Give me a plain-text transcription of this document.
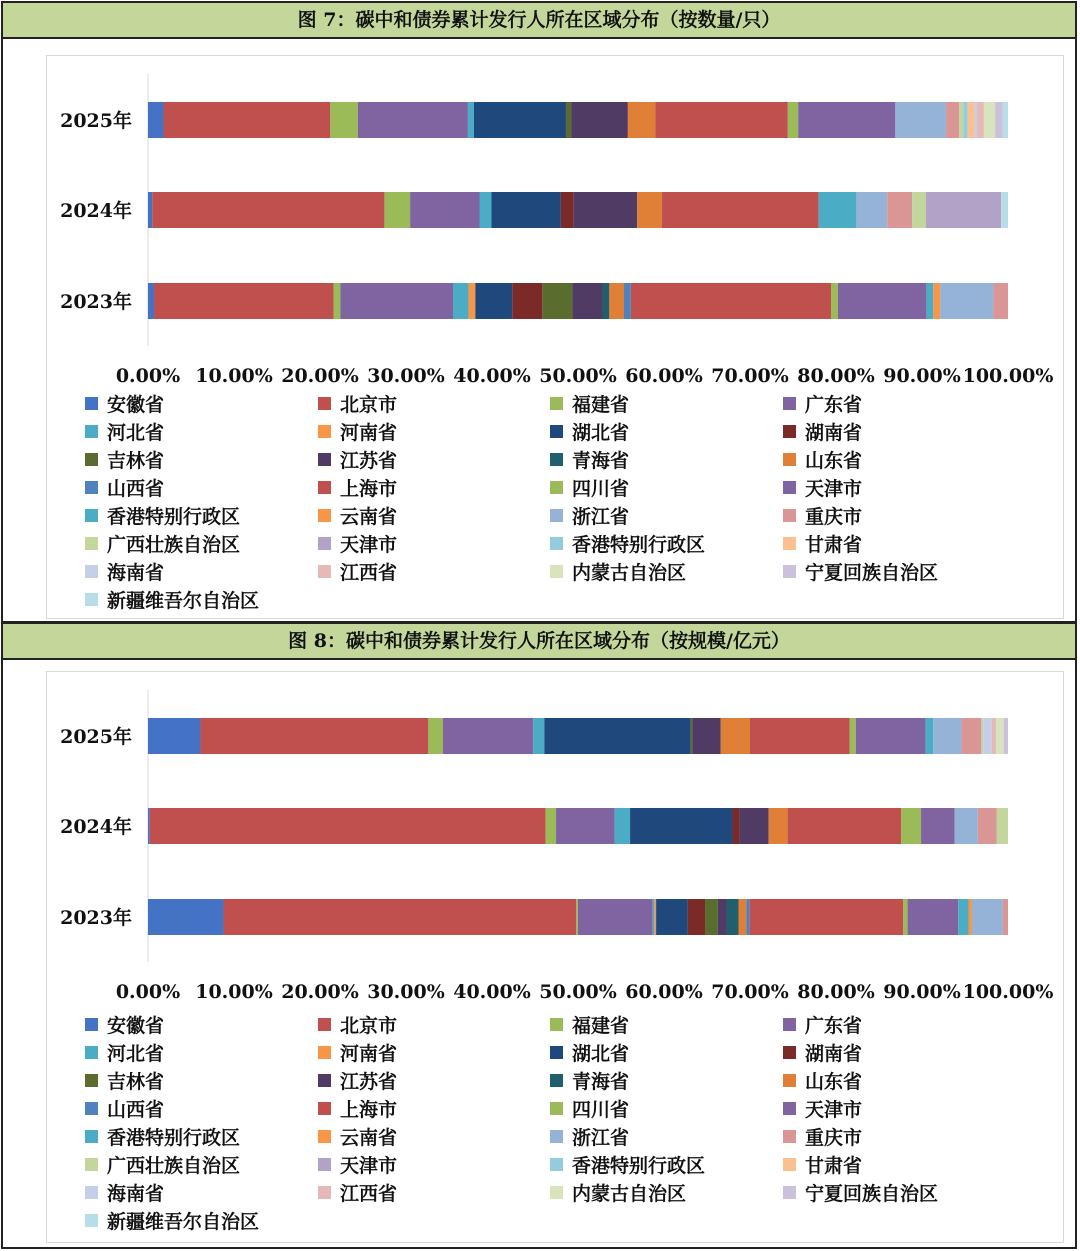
图 7：碳中和债券累计发行人所在区域分布（按数量/只）
2025年
2024年
2023年
0.00% 10.00% 20.00% 30.00% 40.00% 50.00% 60.00% 70.00% 80.00% 90.00% 100.00%
安徽省	北京市	福建省	广东省
河北省	河南省	湖北省	湖南省
吉林省	江苏省	青海省	山东省
山西省	上海市	四川省	天津市
香港特别行政区	云南省	浙江省	重庆市
广西壮族自治区	天津市	香港特别行政区	甘肃省
海南省	江西省	内蒙古自治区	宁夏回族自治区
新疆维吾尔自治区
图 8：碳中和债券累计发行人所在区域分布（按规模/亿元）
2025年
2024年
2023年
0.00% 10.00% 20.00% 30.00% 40.00% 50.00% 60.00% 70.00% 80.00% 90.00% 100.00%
安徽省	北京市	福建省	广东省
河北省	河南省	湖北省	湖南省
吉林省	江苏省	青海省	山东省
山西省	上海市	四川省	天津市
香港特别行政区	云南省	浙江省	重庆市
广西壮族自治区	天津市	香港特别行政区	甘肃省
海南省	江西省	内蒙古自治区	宁夏回族自治区
新疆维吾尔自治区
